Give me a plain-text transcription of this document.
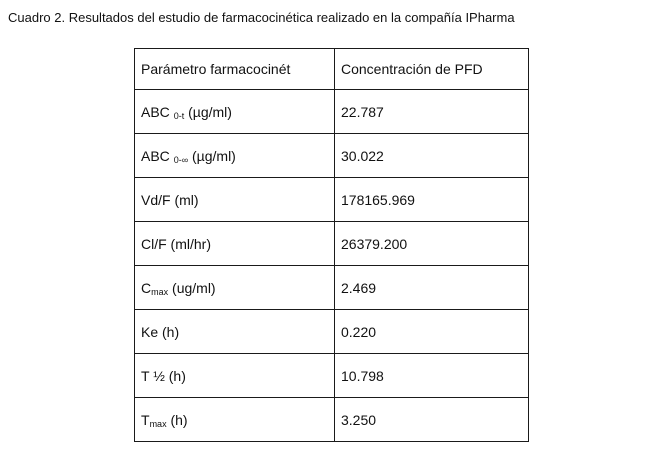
Cuadro 2. Resultados del estudio de farmacocinética realizado en la compañía IPharma
Parámetro farmacocinét	Concentración de PFD
ABC $_{0-t}$ (µg/ml)	22.787
ABC $_{0-\infty}$ (µg/ml)	30.022
Vd/F (ml)	178165.969
Cl/F (ml/hr)	26379.200
$C_{max}$ (ug/ml)	2.469
Ke (h)	0.220
T ½ (h)	10.798
$T_{max}$ (h)	3.250
